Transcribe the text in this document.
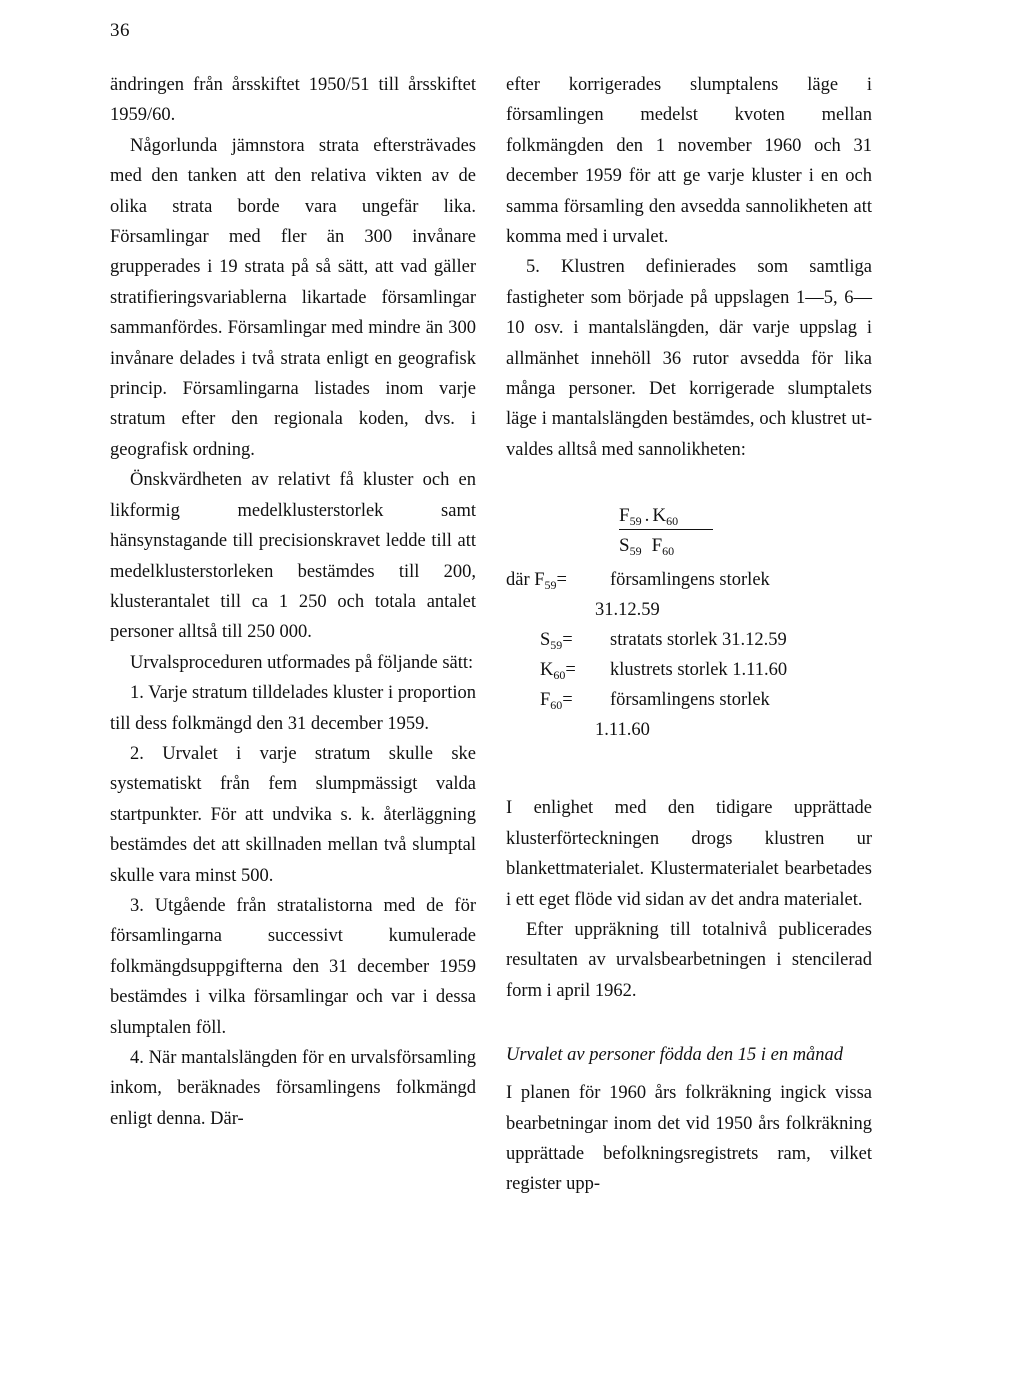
36

ändringen från årsskiftet 1950/51 till årsskiftet 1959/60.

Någorlunda jämnstora strata eftersträvades med den tanken att den relativa vikten av de olika strata borde vara ungefär lika. Församlingar med fler än 300 invånare grupperades i 19 strata på så sätt, att vad gäller stratifieringsvariablerna likartade församlingar sammanfördes. Församlingar med mindre än 300 invånare delades i två strata enligt en geografisk princip. Församlingarna listades inom varje stratum efter den regionala koden, dvs. i geografisk ordning.

Önskvärdheten av relativt få kluster och en likformig medelklusterstorlek samt hänsynstagande till precisionskravet ledde till att medelklusterstorleken bestämdes till 200, klusterantalet till ca 1 250 och totala antalet personer alltså till 250 000.

Urvalsproceduren utformades på följande sätt:

1. Varje stratum tilldelades kluster i proportion till dess folkmängd den 31 december 1959.

2. Urvalet i varje stratum skulle ske systematiskt från fem slumpmässigt valda startpunkter. För att undvika s. k. återläggning bestämdes det att skillnaden mellan två slumptal skulle vara minst 500.

3. Utgående från stratalistorna med de för församlingarna successivt kumulerade folkmängdsuppgifterna den 31 december 1959 bestämdes i vilka församlingar och var i dessa slumptalen föll.

4. När mantalslängden för en urvalsförsamling inkom, beräknades församlingens folkmängd enligt denna. Där-

efter korrigerades slumptalens läge i församlingen medelst kvoten mellan folkmängden den 1 november 1960 och 31 december 1959 för att ge varje kluster i en och samma församling den avsedda sannolikheten att komma med i urvalet.

5. Klustren definierades som samtliga fastigheter som började på uppslagen 1—5, 6—10 osv. i mantalslängden, där varje uppslag i allmänhet innehöll 36 rutor avsedda för lika många personer. Det korrigerade slumptalets läge i mantalslängden bestämdes, och klustret utvaldes alltså med sannolikheten:

$F_{59}$ . $K_{60}$
$S_{59}$ $F_{60}$
där $F_{59}=$ församlingens storlek
31.12.59
$S_{59}=$ stratats storlek 31.12.59
$K_{60}=$ klustrets storlek 1.11.60
$F_{60}=$ församlingens storlek
1.11.60

I enlighet med den tidigare upprättade klusterförteckningen drogs klustren ur blankettmaterialet. Klustermaterialet bearbetades i ett eget flöde vid sidan av det andra materialet.

Efter uppräkning till totalnivå publicerades resultaten av urvalsbearbetningen i stencilerad form i april 1962.

Urvalet av personer födda den 15 i en månad

I planen för 1960 års folkräkning ingick vissa bearbetningar inom det vid 1950 års folkräkning upprättade befolkningsregistrets ram, vilket register upp-
